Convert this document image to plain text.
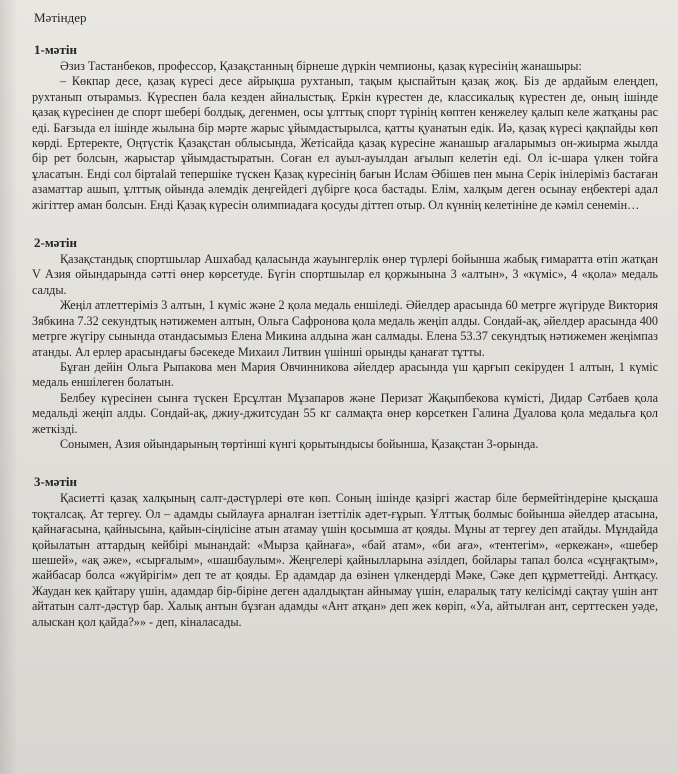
Мәтіндер
1-мәтін

Әзиз Тастанбеков, профессор, Қазақстанның бірнеше дүркін чемпионы, қазақ күресінің жанашыры:

– Көкпар десе, қазақ күресі десе айрықша рухтанып, тақым қыспайтын қазақ жоқ. Біз де ардайым елеңдеп, рухтанып отырамыз. Күреспен бала кезден айналыстық. Еркін күрестен де, классикалық күрестен де, оның ішінде қазақ күресінен де спорт шебері болдық, дегенмен, осы ұлттық спорт түрінің көптен кенжелеу қалып келе жатқаны рас еді. Бағзыда ел ішінде жылына бір мәрте жарыс ұйымдастырылса, қатты қуанатын едік. Иә, қазақ күресі қақпайды көп көрді. Ертеректе, Оңтүстік Қазақстан облысында, Жетісайда қазақ күресіне жанашыр ағаларымыз он-жиырма жылда бір рет болсын, жарыстар ұйымдастыратын. Соған ел ауыл-ауылдан ағылып келетін еді. Ол іс-шара үлкен тойға ұласатын. Енді сол біртalай тепершіке түскен Қазақ күресінің бағын Ислам Әбішев пен мына Серік інілеріміз бастаған азаматтар ашып, ұлттық ойында әлемдік деңгейдегі дүбірге қоса бастады. Елім, халқым деген осынау еңбектері адал жігіттер аман болсын. Енді Қазақ күресін олимпиадаға қосуды діттеп отыр. Ол күннің келетініне де кәміл сенемін…

2-мәтін

Қазақстандық спортшылар Ашхабад қаласында жауынгерлік өнер түрлері бойынша жабық ғимаратта өтіп жатқан V Азия ойындарында сәтті өнер көрсетуде. Бүгін спортшылар ел қоржынына 3 «алтын», 3 «күміс», 4 «қола» медаль салды.

Жеңіл атлеттеріміз 3 алтын, 1 күміс және 2 қола медаль еншіледі. Әйелдер арасында 60 метрге жүгіруде Виктория Зябкина 7.32 секундтық нәтижемен алтын, Ольга Сафронова қола медаль жеңіп алды. Сондай-ақ, әйелдер арасында 400 метрге жүгіру сынында отандасымыз Елена Микина алдына жан салмады. Елена 53.37 секундтық нәтижемен жеңімпаз атанды. Ал ерлер арасындағы бәсекеде Михаил Литвин үшінші орынды қанағат тұтты.

Бұған дейін Ольга Рыпакова мен Мария Овчинникова әйелдер арасында үш қарғып секіруден 1 алтын, 1 күміс медаль еншілеген болатын.

Белбеу күресінен сынға түскен Ерсұлтан Мұзапаров және Перизат Жақыпбекова күмісті, Дидар Сәтбаев қола медальді жеңіп алды. Сондай-ақ, джиу-джитсудан 55 кг салмақта өнер көрсеткен Галина Дуалова қола медальға қол жеткізді.

Сонымен, Азия ойындарының төртінші күнгі қорытындысы бойынша, Қазақстан 3-орында.

3-мәтін

Қасиетті қазақ халқының салт-дәстүрлері өте көп. Соның ішінде қазіргі жастар біле бермейтіндеріне қысқаша тоқталсақ. Ат тергеу. Ол – адамды сыйлауға арналған ізеттілік әдет-ғұрып. Ұлттық болмыс бойынша әйелдер атасына, қайнағасына, қайнысына, қайын-сіңлісіне атын атамау үшін қосымша ат қояды. Мұны ат тергеу деп атайды. Мұндайда қойылатын аттардың кейбірі мынандай: «Мырза қайнаға», «бай атам», «би аға», «тентегім», «еркежан», «шебер шешей», «ақ әже», «сырғалым», «шашбаулым». Жеңгелері қайнылларына әзілдеп, бойлары тапал болса «сұңғақтым», жайбасар болса «жүйрігім» деп те ат қояды. Ер адамдар да өзінен үлкендерді Мәке, Сәке деп құрметтейді. Антқасу. Жаудан кек қайтару үшін, адамдар бір-біріне деген адалдықтан айнымау үшін, еларалық тату келісімді сақтау үшін ант айтатын салт-дәстүр бар. Халық антын бұзған адамды «Ант атқан» деп жек көріп, «Уа, айтылған ант, серттескен уәде, алыскан қол қайда?»» - деп, кіналасады.
